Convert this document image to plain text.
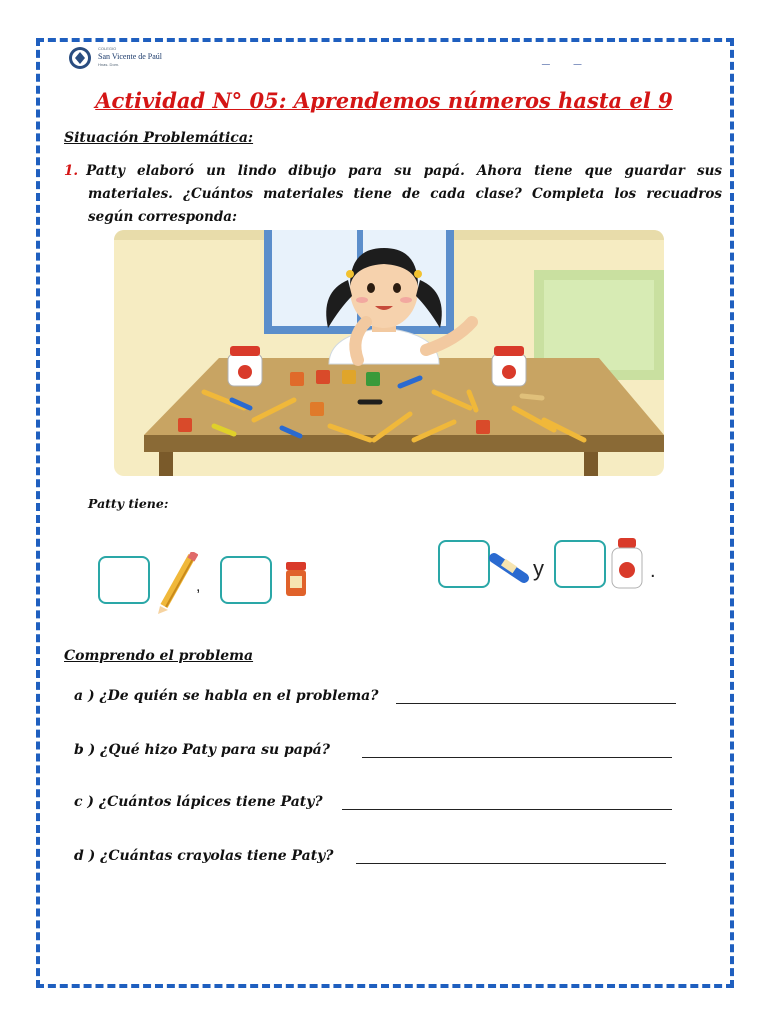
COLEGIO
San Vicente de Paúl
Hnas. Dom.	_ _
Actividad N° 05: Aprendemos números hasta el 9
Situación Problemática:
1. Patty elaboró un lindo dibujo para su papá. Ahora tiene que guardar sus
materiales. ¿Cuántos materiales tiene de cada clase? Completa los recuadros
según corresponda:
Patty tiene:
,
y	.
Comprendo el problema
a ) ¿De quién se habla en el problema?
b ) ¿Qué hizo Paty para su papá?
c ) ¿Cuántos lápices tiene Paty?
d ) ¿Cuántas crayolas tiene Paty?
